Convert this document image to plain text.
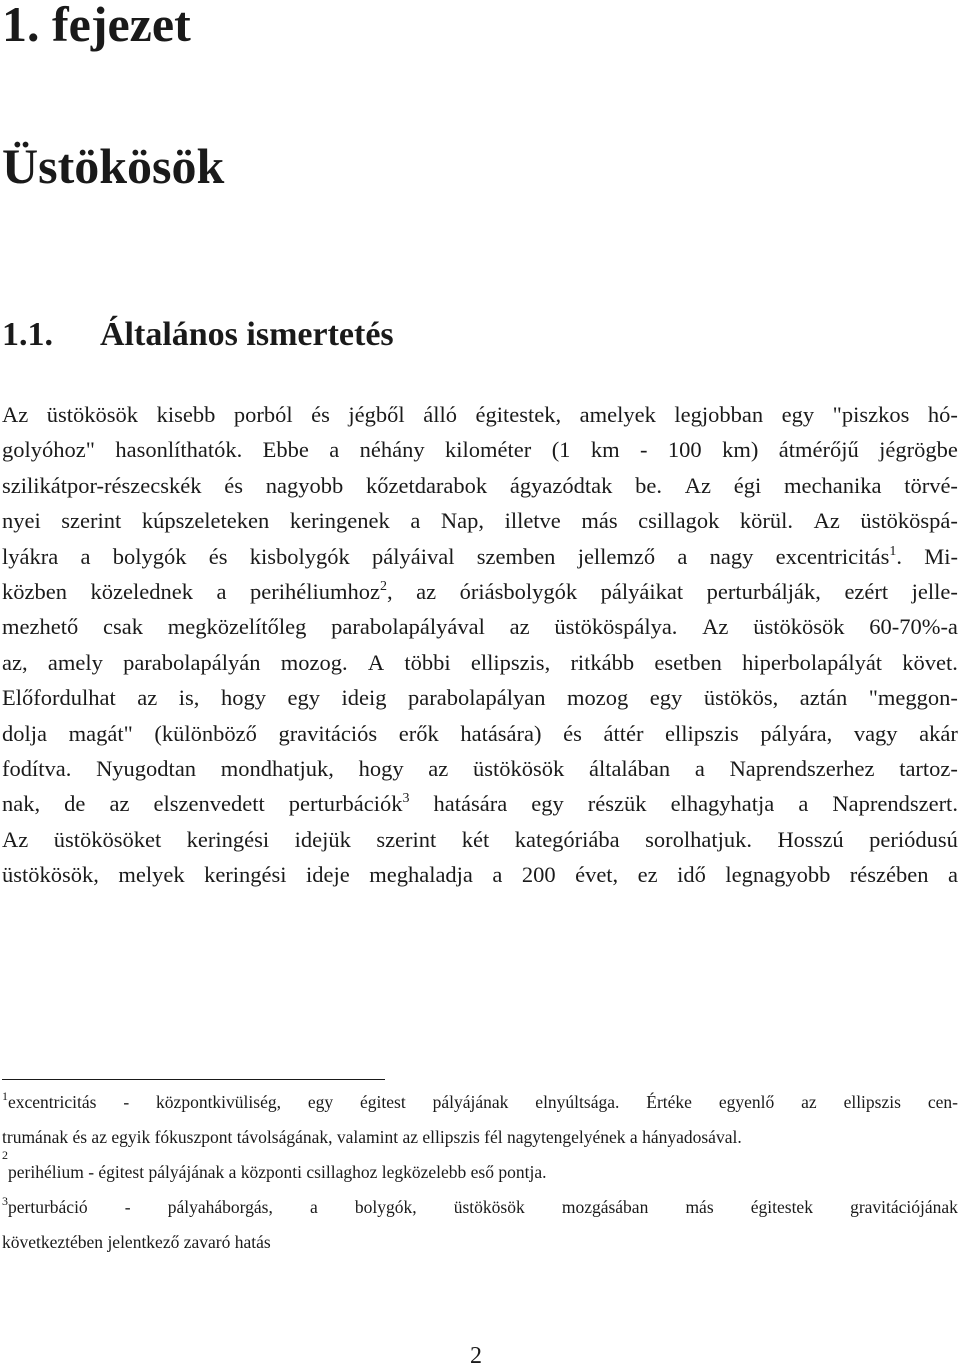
1. fejezet
Üstökösök
1.1. Általános ismertetés
Az üstökösök kisebb porból és jégből álló égitestek, amelyek legjobban egy "piszkos hó-
golyóhoz" hasonlíthatók. Ebbe a néhány kilométer (1 km - 100 km) átmérőjű jégrögbe
szilikátpor-részecskék és nagyobb kőzetdarabok ágyazódtak be. Az égi mechanika törvé-
nyei szerint kúpszeleteken keringenek a Nap, illetve más csillagok körül. Az üstököspá-
lyákra a bolygók és kisbolygók pályáival szemben jellemző a nagy excentricitás$^1$. Mi-
közben közelednek a perihéliumhoz$^2$, az óriásbolygók pályáikat perturbálják, ezért jelle-
mezhető csak megközelítőleg parabolapályával az üstököspálya. Az üstökösök 60-70%-a
az, amely parabolapályán mozog. A többi ellipszis, ritkább esetben hiperbolapályát követ.
Előfordulhat az is, hogy egy ideig parabolapályan mozog egy üstökös, aztán "meggon-
dolja magát" (különböző gravitációs erők hatására) és áttér ellipszis pályára, vagy akár
fodítva. Nyugodtan mondhatjuk, hogy az üstökösök általában a Naprendszerhez tartoz-
nak, de az elszenvedett perturbációk$^3$ hatására egy részük elhagyhatja a Naprendszert.
Az üstökösöket keringési idejük szerint két kategóriába sorolhatjuk. Hosszú periódusú
üstökösök, melyek keringési ideje meghaladja a 200 évet, ez idő legnagyobb részében a
$^1$excentricitás - központkivüliség, egy égitest pályájának elnyúltsága. Értéke egyenlő az ellipszis cen-
trumának
és
az
egyik
fókuszpont
távolságának,
valamint
az
ellipszis
fél
nagytengelyének
a
hányadosával.
2
perihélium
-
égitest
pályájának
a
központi
csillaghoz
legközelebb
eső
pontja.
$^3$perturbáció - pályaháborgás, a bolygók, üstökösök mozgásában más égitestek gravitációjának
következtében
jelentkező
zavaró
hatás
2
